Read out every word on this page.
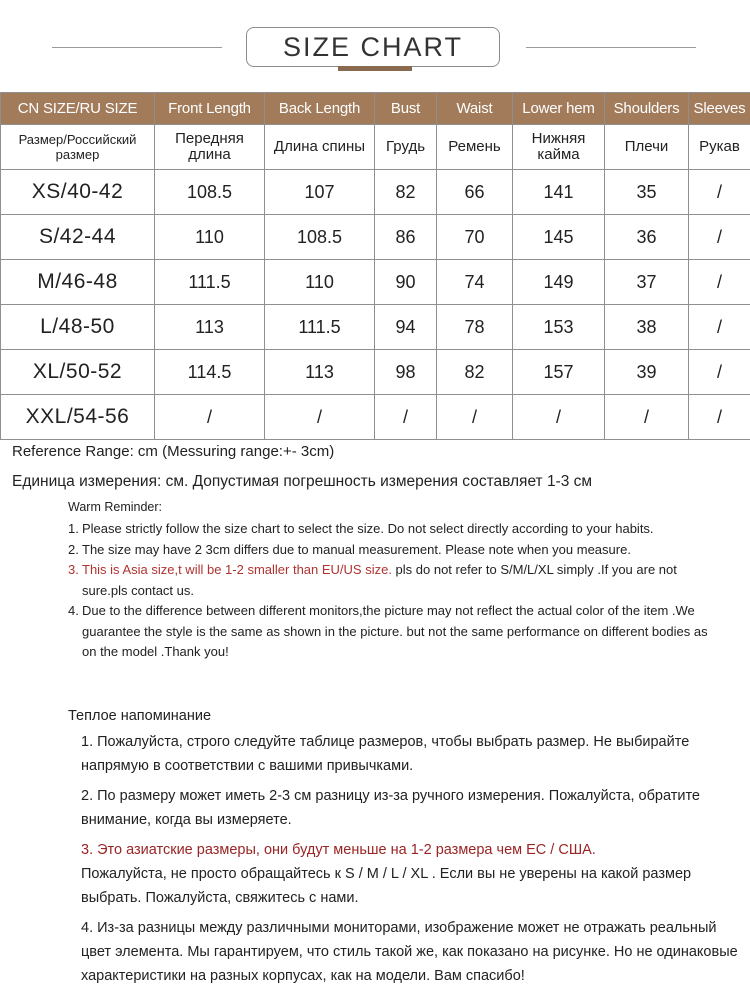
SIZE CHART
CN SIZE/RU SIZE	Front Length	Back Length	Bust	Waist	Lower hem	Shoulders	Sleeves
Размер/Российский размер	Передняя длина	Длина спины	Грудь	Ремень	Нижняя кайма	Плечи	Рукав
XS/40-42	108.5	107	82	66	141	35	/
S/42-44	110	108.5	86	70	145	36	/
M/46-48	111.5	110	90	74	149	37	/
L/48-50	113	111.5	94	78	153	38	/
XL/50-52	114.5	113	98	82	157	39	/
XXL/54-56	/	/	/	/	/	/	/
Reference Range: cm (Messuring range:+- 3cm)
Единица измерения: см. Допустимая погрешность измерения составляет 1-3 см
Warm Reminder:
1. Please strictly follow the size chart to select the size. Do not select directly according to your habits.
2. The size may have 2 3cm differs due to manual measurement. Please note when you measure.
3. This is Asia size,t will be 1-2 smaller than EU/US size. pls do not refer to S/M/L/XL simply .If you are not sure.pls contact us.
4. Due to the difference between different monitors,the picture may not reflect the actual color of the item .We guarantee the style is the same as shown in the picture. but not the same performance on different bodies as on the model .Thank you!
Теплое напоминание
1. Пожалуйста, строго следуйте таблице размеров, чтобы выбрать размер. Не выбирайте напрямую в соответствии с вашими привычками.
2. По размеру может иметь 2-3 см разницу из-за ручного измерения. Пожалуйста, обратите внимание, когда вы измеряете.
3. Это азиатские размеры, они будут меньше на 1-2 размера чем ЕС / США.
Пожалуйста, не просто обращайтесь к S / M / L / XL . Если вы не уверены на какой размер выбрать. Пожалуйста, свяжитесь с нами.
4. Из-за разницы между различными мониторами, изображение может не отражать реальный цвет элемента. Мы гарантируем, что стиль такой же, как показано на рисунке. Но не одинаковые характеристики на разных корпусах, как на модели. Вам спасибо!
